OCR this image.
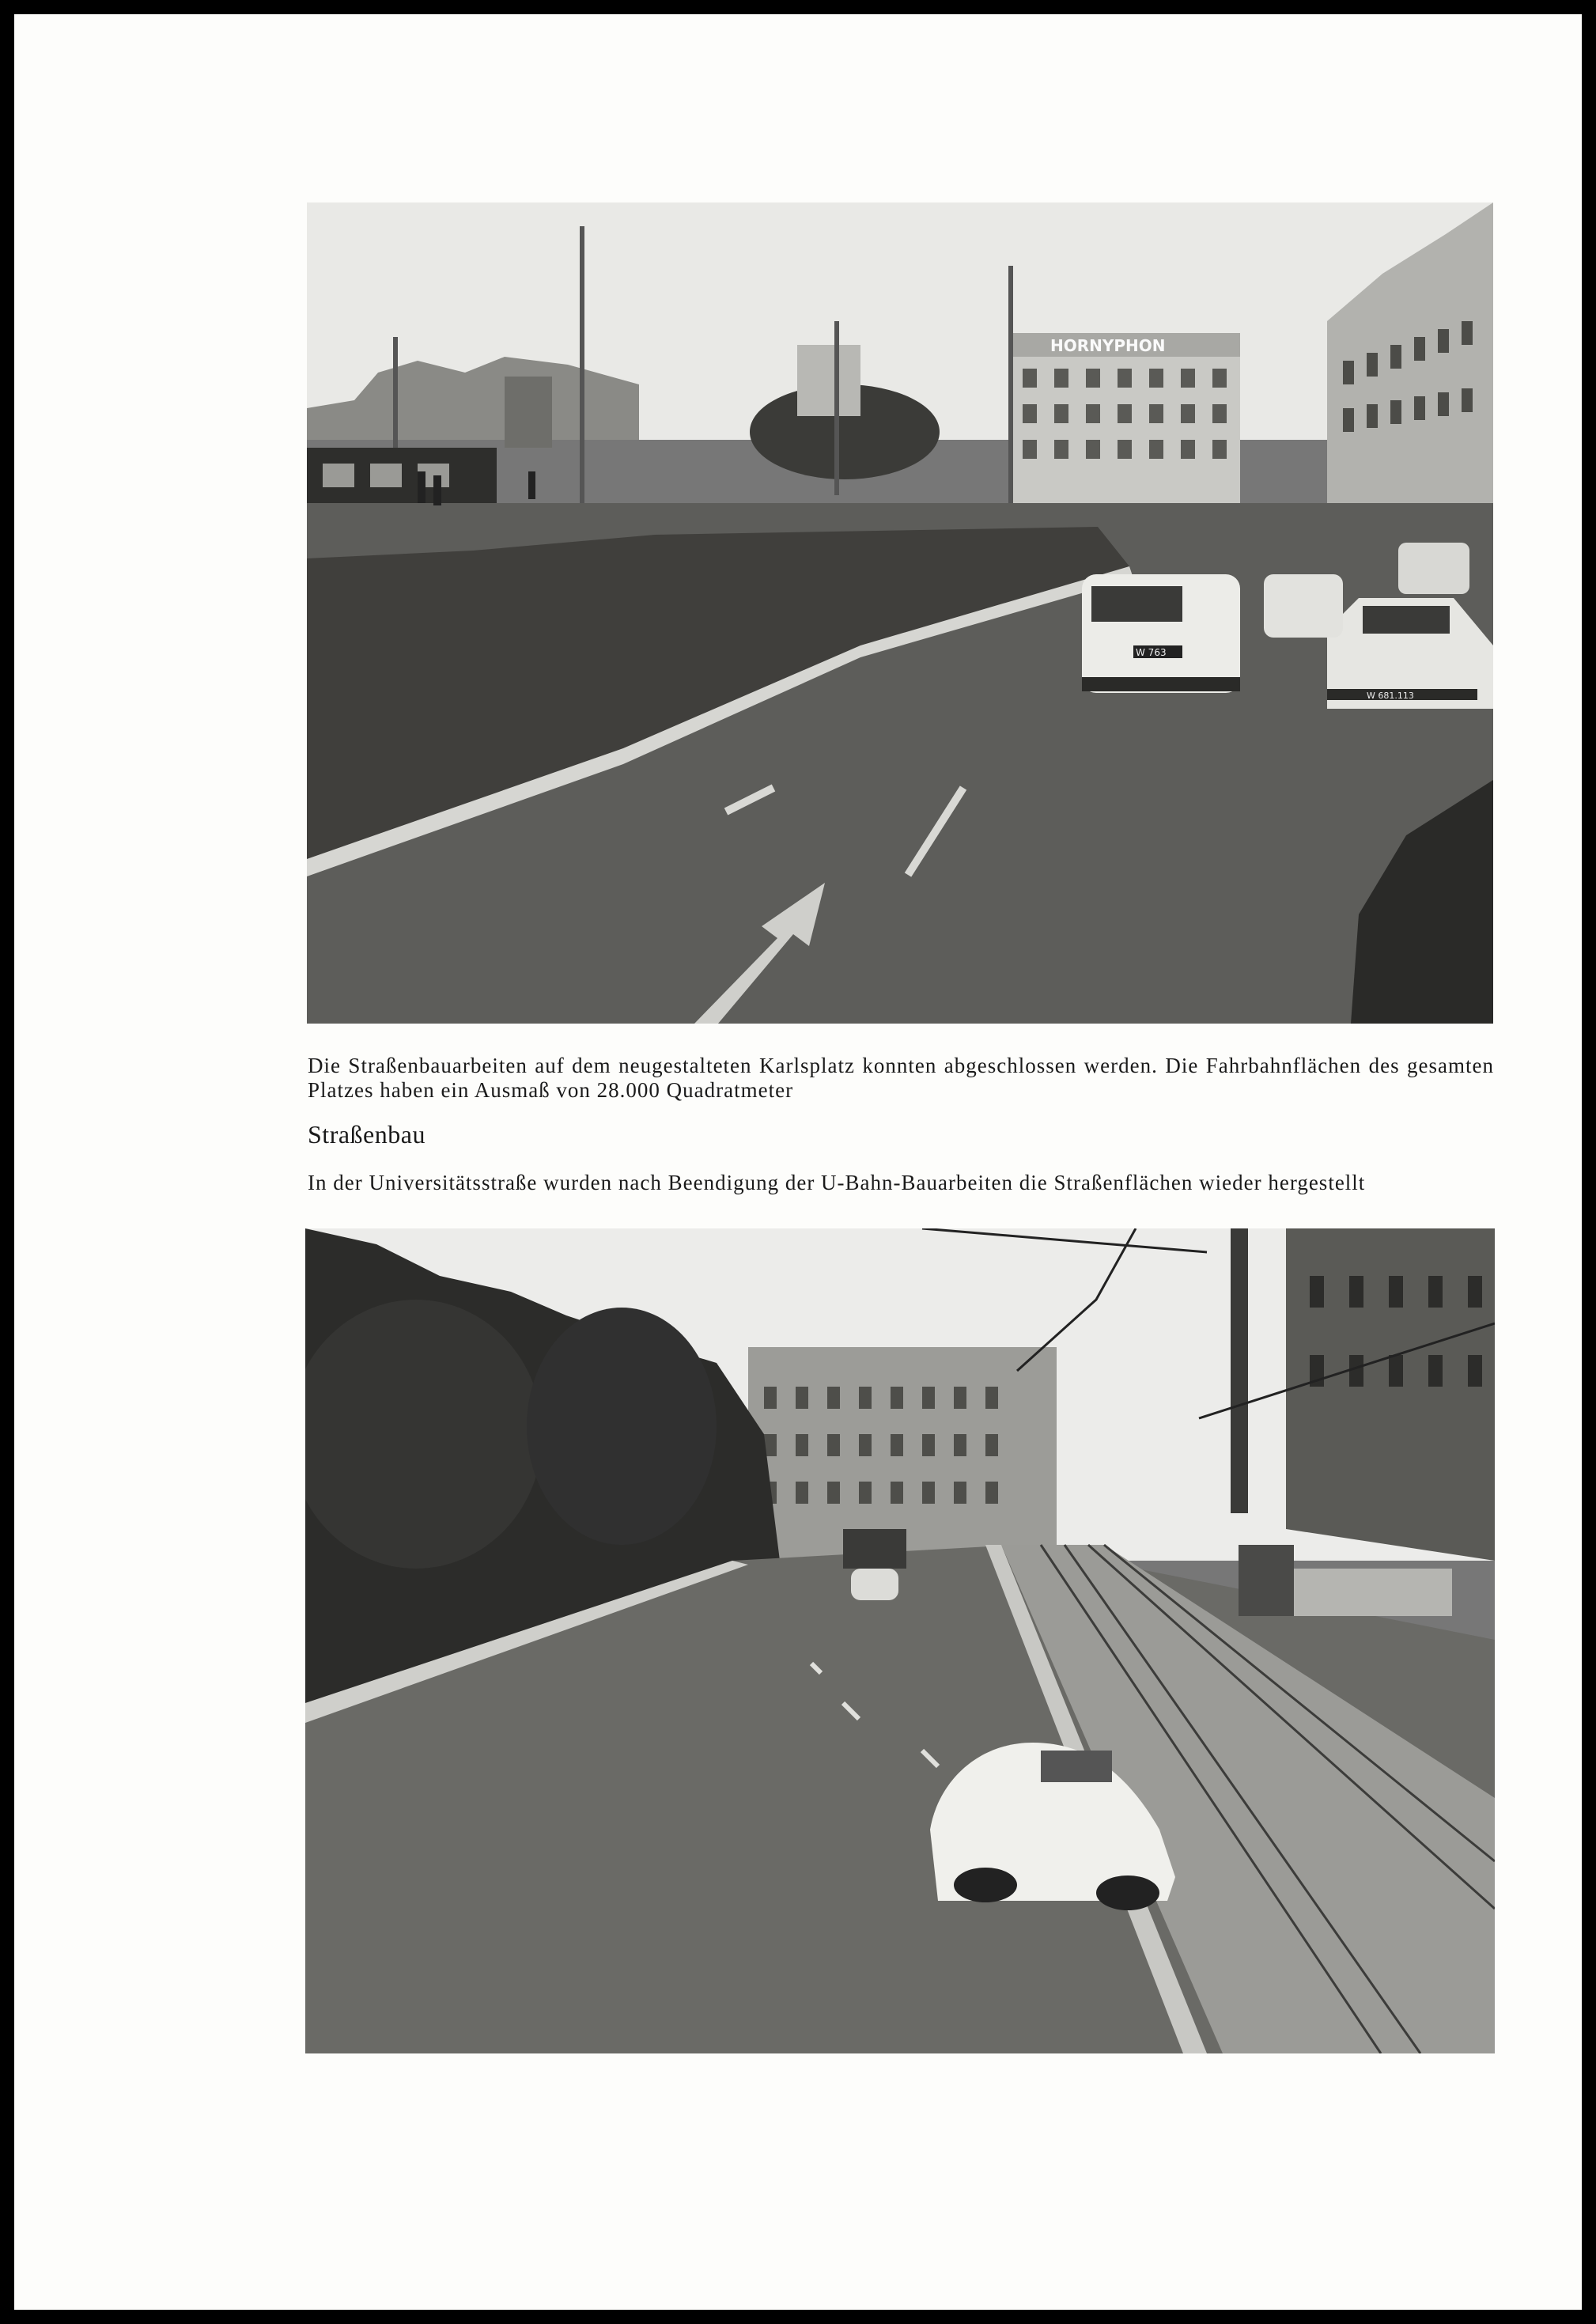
HORNYPHON
W 763
W 681.113
Die Straßenbauarbeiten auf dem neugestalteten Karlsplatz konnten abgeschlossen werden. Die Fahrbahnflächen des gesamten Platzes haben ein Ausmaß von 28.000 Quadratmeter
Straßenbau
In der Universitätsstraße wurden nach Beendigung der U-Bahn-Bauarbeiten die Straßenflächen wieder hergestellt
